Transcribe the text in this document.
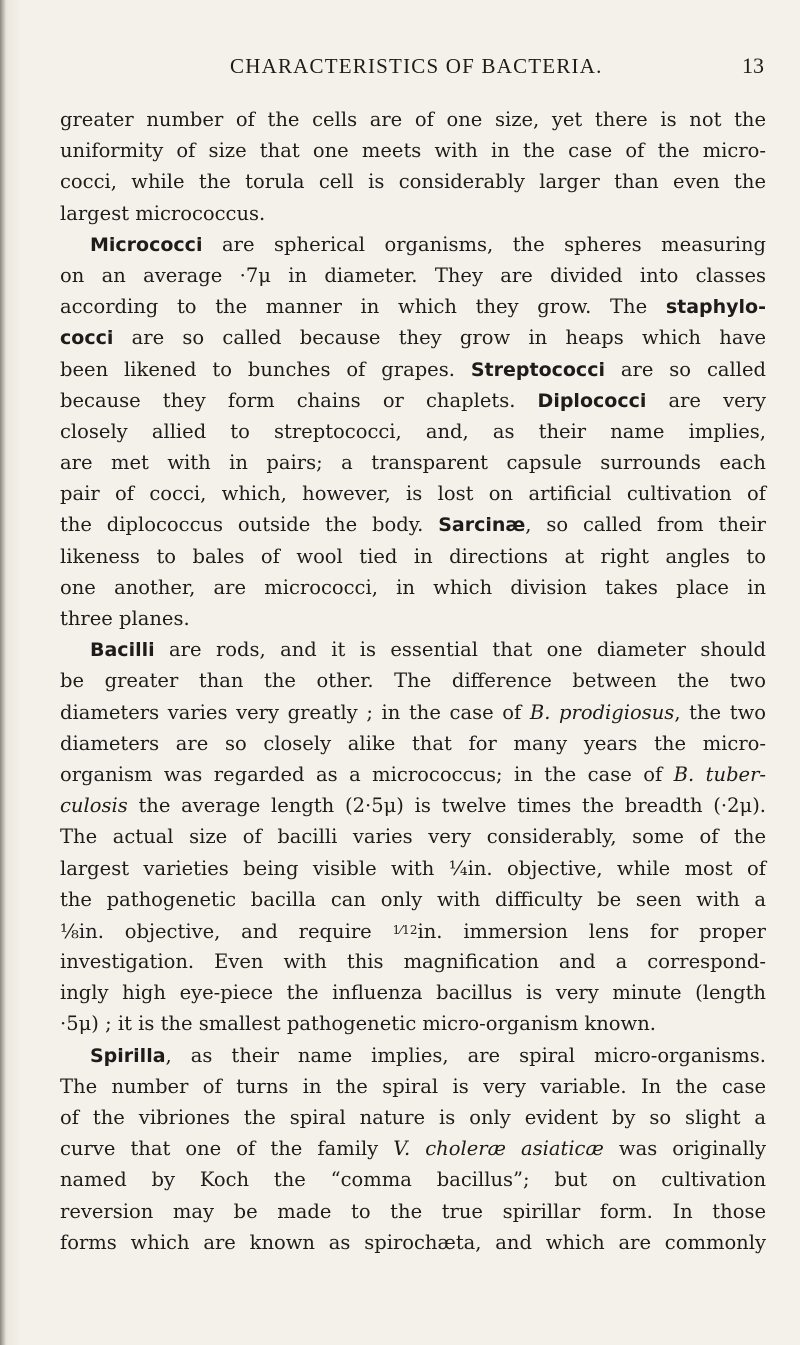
CHARACTERISTICS OF BACTERIA.	13
greater number of the cells are of one size, yet there is not the
uniformity of size that one meets with in the case of the micro-
cocci, while the torula cell is considerably larger than even the
largest micrococcus.
Micrococci are spherical organisms, the spheres measuring
on an average ·7μ in diameter. They are divided into classes
according to the manner in which they grow. The staphylo-
cocci are so called because they grow in heaps which have
been likened to bunches of grapes. Streptococci are so called
because they form chains or chaplets. Diplococci are very
closely allied to streptococci, and, as their name implies,
are met with in pairs; a transparent capsule surrounds each
pair of cocci, which, however, is lost on artificial cultivation of
the diplococcus outside the body. Sarcinæ, so called from their
likeness to bales of wool tied in directions at right angles to
one another, are micrococci, in which division takes place in
three planes.
Bacilli are rods, and it is essential that one diameter should
be greater than the other. The difference between the two
diameters varies very greatly ; in the case of B. prodigiosus, the two
diameters are so closely alike that for many years the micro-
organism was regarded as a micrococcus; in the case of B. tuber-
culosis the average length (2·5μ) is twelve times the breadth (·2μ).
The actual size of bacilli varies very considerably, some of the
largest varieties being visible with ¼in. objective, while most of
the pathogenetic bacilla can only with difficulty be seen with a
⅛in. objective, and require $^{1⁄12}$in. immersion lens for proper
investigation. Even with this magnification and a correspond-
ingly high eye-piece the influenza bacillus is very minute (length
·5μ) ; it is the smallest pathogenetic micro-organism known.
Spirilla, as their name implies, are spiral micro-organisms.
The number of turns in the spiral is very variable. In the case
of the vibriones the spiral nature is only evident by so slight a
curve that one of the family V. choleræ asiaticæ was originally
named by Koch the “comma bacillus”; but on cultivation
reversion may be made to the true spirillar form. In those
forms which are known as spirochæta, and which are commonly
